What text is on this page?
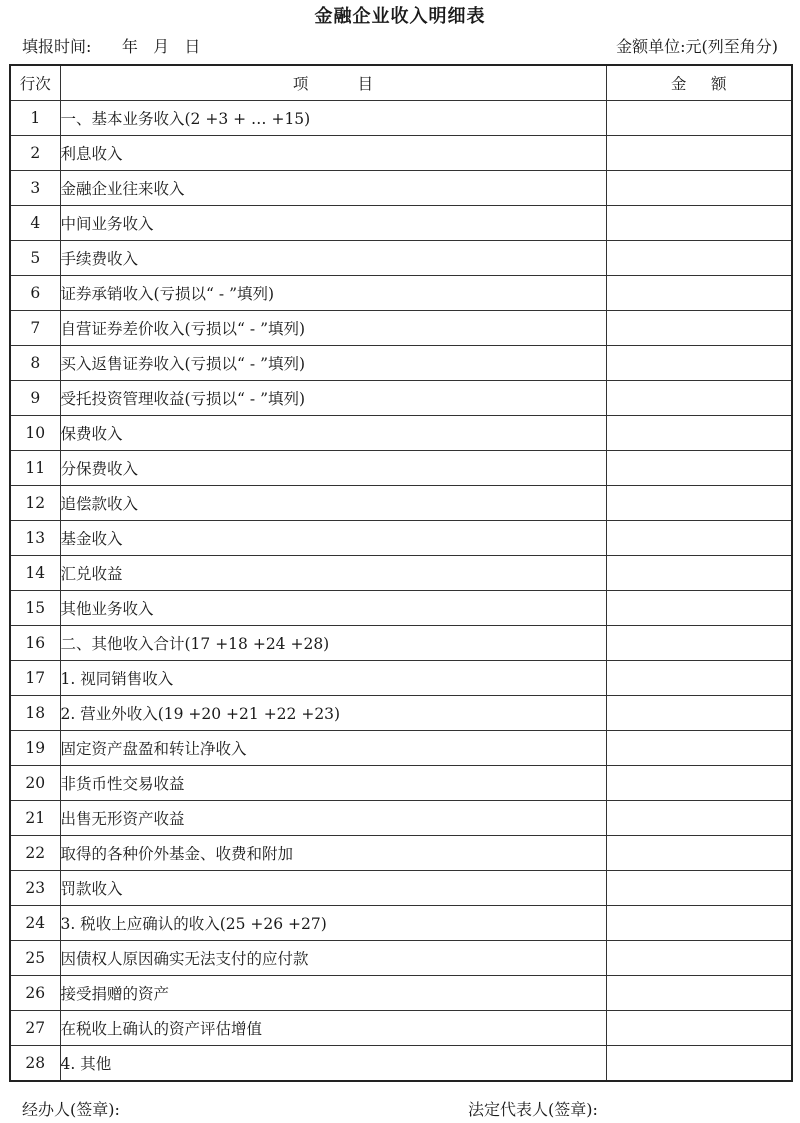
金融企业收入明细表
填报时间:      年   月   日	金额单位:元(列至角分)
行次	项          目	金     额
1	一、基本业务收入(2 +3 + … +15)	
2	利息收入	
3	金融企业往来收入	
4	中间业务收入	
5	手续费收入	
6	证券承销收入(亏损以“ - ”填列)	
7	自营证券差价收入(亏损以“ - ”填列)	
8	买入返售证券收入(亏损以“ - ”填列)	
9	受托投资管理收益(亏损以“ - ”填列)	
10	保费收入	
11	分保费收入	
12	追偿款收入	
13	基金收入	
14	汇兑收益	
15	其他业务收入	
16	二、其他收入合计(17 +18 +24 +28)	
17	1. 视同销售收入	
18	2. 营业外收入(19 +20 +21 +22 +23)	
19	固定资产盘盈和转让净收入	
20	非货币性交易收益	
21	出售无形资产收益	
22	取得的各种价外基金、收费和附加	
23	罚款收入	
24	3. 税收上应确认的收入(25 +26 +27)	
25	因债权人原因确实无法支付的应付款	
26	接受捐赠的资产	
27	在税收上确认的资产评估增值	
28	4. 其他	
经办人(签章):	法定代表人(签章):
